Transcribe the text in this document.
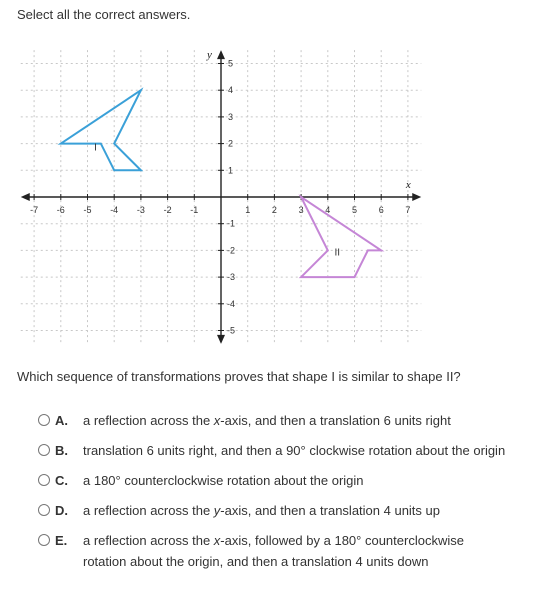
Select all the correct answers.
-7 -6 -5 -4 -3 -2 -1	1 2 3 4 5 6 7
5
4
3
2
1
-1
-2
-3
-4
-5
x
y
I
II
Which sequence of transformations proves that shape I is similar to shape II?
A.	a reflection across the x-axis, and then a translation 6 units right
B.	translation 6 units right, and then a 90° clockwise rotation about the origin
C.	a 180° counterclockwise rotation about the origin
D.	a reflection across the y-axis, and then a translation 4 units up
E.	a reflection across the x-axis, followed by a 180° counterclockwise
rotation about the origin, and then a translation 4 units down
